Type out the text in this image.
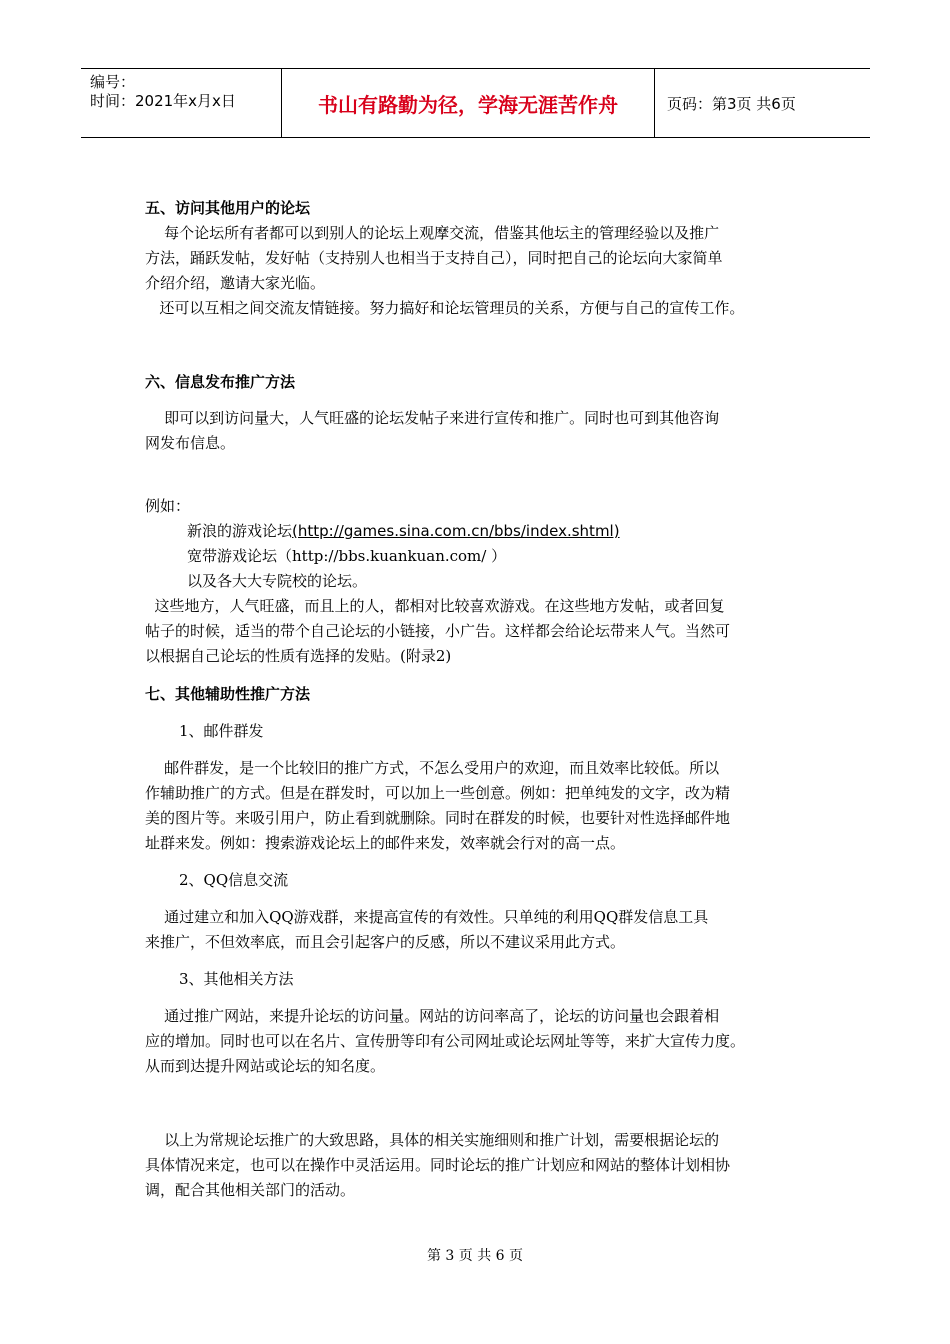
编号：
时间：2021年x月x日	书山有路勤为径，学海无涯苦作舟	页码：第3页 共6页

五、访问其他用户的论坛

每个论坛所有者都可以到别人的论坛上观摩交流，借鉴其他坛主的管理经验以及推广

方法，踊跃发帖，发好帖（支持别人也相当于支持自己），同时把自己的论坛向大家简单

介绍介绍，邀请大家光临。

还可以互相之间交流友情链接。努力搞好和论坛管理员的关系，方便与自己的宣传工作。

六、信息发布推广方法

即可以到访问量大，人气旺盛的论坛发帖子来进行宣传和推广。同时也可到其他咨询

网发布信息。

例如：

新浪的游戏论坛(http://games.sina.com.cn/bbs/index.shtml)

宽带游戏论坛（http://bbs.kuankuan.com/ ）

以及各大大专院校的论坛。

这些地方，人气旺盛，而且上的人，都相对比较喜欢游戏。在这些地方发帖，或者回复

帖子的时候，适当的带个自己论坛的小链接，小广告。这样都会给论坛带来人气。当然可

以根据自己论坛的性质有选择的发贴。(附录2)

七、其他辅助性推广方法

1、邮件群发

邮件群发，是一个比较旧的推广方式，不怎么受用户的欢迎，而且效率比较低。所以

作辅助推广的方式。但是在群发时，可以加上一些创意。例如：把单纯发的文字，改为精

美的图片等。来吸引用户，防止看到就删除。同时在群发的时候，也要针对性选择邮件地

址群来发。例如：搜索游戏论坛上的邮件来发，效率就会行对的高一点。

2、QQ信息交流

通过建立和加入QQ游戏群，来提高宣传的有效性。只单纯的利用QQ群发信息工具

来推广，不但效率底，而且会引起客户的反感，所以不建议采用此方式。

3、其他相关方法

通过推广网站，来提升论坛的访问量。网站的访问率高了，论坛的访问量也会跟着相

应的增加。同时也可以在名片、宣传册等印有公司网址或论坛网址等等，来扩大宣传力度。

从而到达提升网站或论坛的知名度。

以上为常规论坛推广的大致思路，具体的相关实施细则和推广计划，需要根据论坛的

具体情况来定，也可以在操作中灵活运用。同时论坛的推广计划应和网站的整体计划相协

调，配合其他相关部门的活动。

第 3 页 共 6 页
